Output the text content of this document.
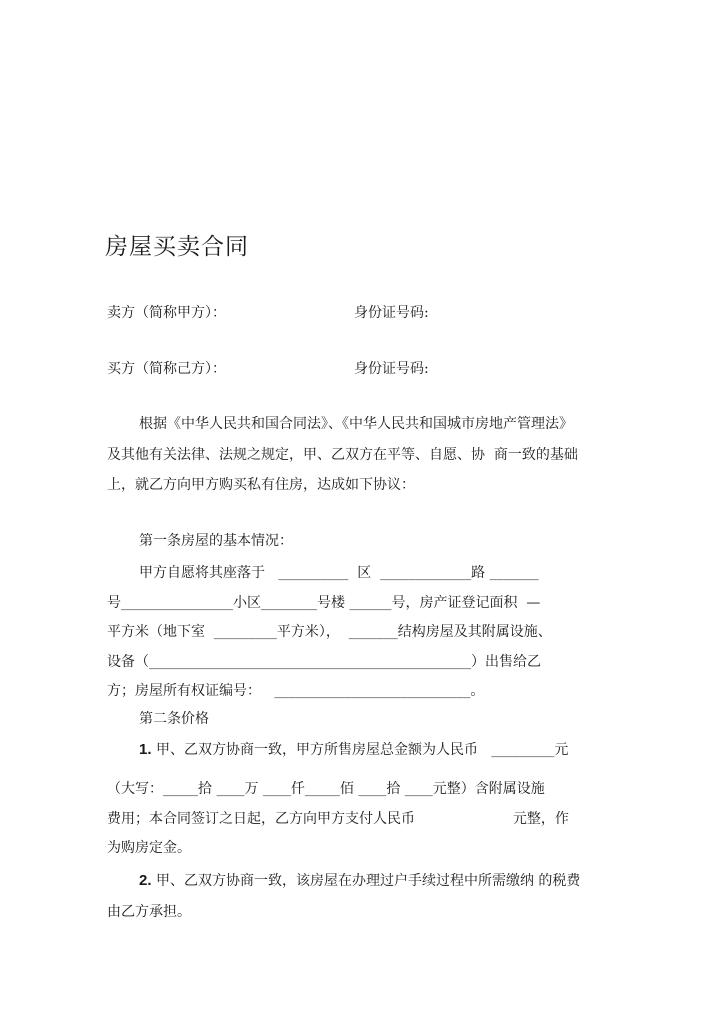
房屋买卖合同
卖方（简称甲方）：	身份证号码:
买方（简称己方）：	身份证号码:
根据《中华人民共和国合同法》、《中华人民共和国城市房地产管理法》
及其他有关法律、法规之规定，甲、乙双方在平等、自愿、协  商一致的基础
上，就乙方向甲方购买私有住房，达成如下协议：
第一条房屋的基本情况：
甲方自愿将其座落于   __________  区  _____________路 _______
号________________小区________号楼 ______号，房产证登记面积  —
平方米（地下室  _________平方米），  _______结构房屋及其附属设施、
设备（______________________________________________）出售给乙
方；房屋所有权证编号：   ____________________________。
第二条价格
1. 甲、乙双方协商一致，甲方所售房屋总金额为人民币   _________元
（大写：_____拾 ____万 ____仟_____佰 ____拾 ____元整）含附属设施
费用；本合同签订之日起，乙方向甲方支付人民币                      元整，作
为购房定金。
2. 甲、乙双方协商一致，该房屋在办理过户手续过程中所需缴纳 的税费
由乙方承担。
